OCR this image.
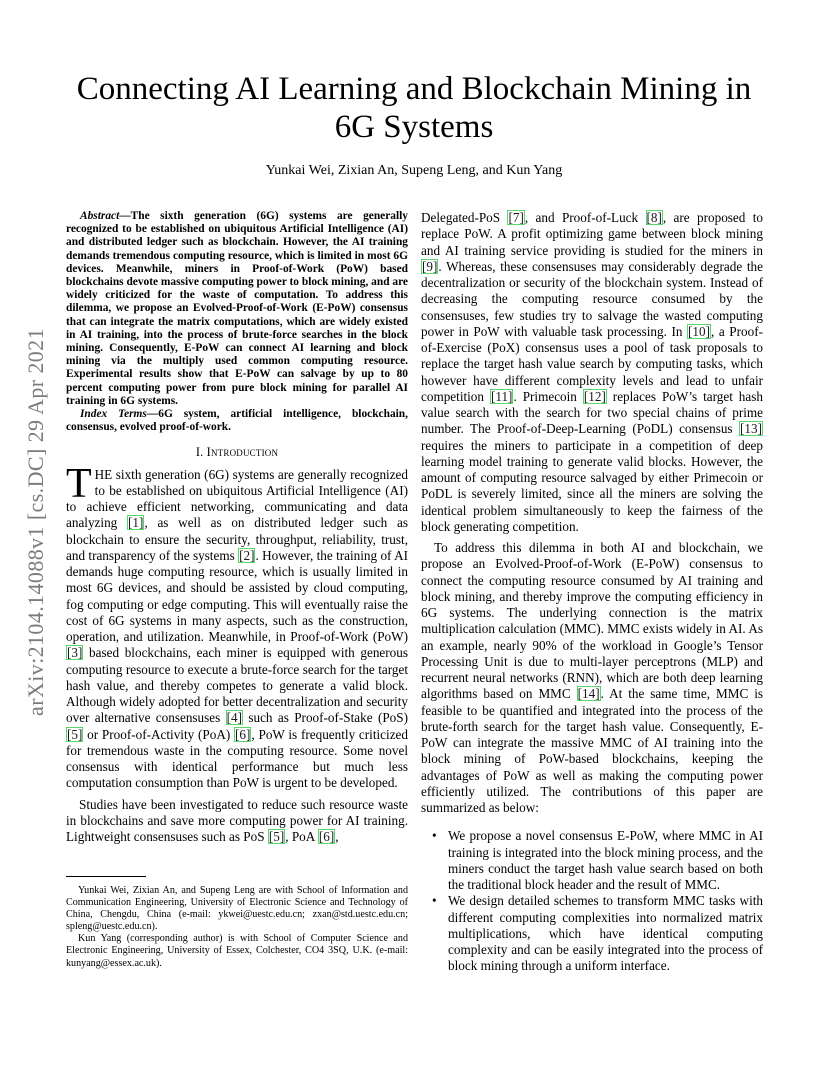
arXiv:2104.14088v1 [cs.DC] 29 Apr 2021
Connecting AI Learning and Blockchain Mining in 6G Systems
Yunkai Wei, Zixian An, Supeng Leng, and Kun Yang

Abstract—The sixth generation (6G) systems are generally recognized to be established on ubiquitous Artificial Intelligence (AI) and distributed ledger such as blockchain. However, the AI training demands tremendous computing resource, which is limited in most 6G devices. Meanwhile, miners in Proof-of-Work (PoW) based blockchains devote massive computing power to block mining, and are widely criticized for the waste of computation. To address this dilemma, we propose an Evolved-Proof-of-Work (E-PoW) consensus that can integrate the matrix computations, which are widely existed in AI training, into the process of brute-force searches in the block mining. Consequently, E-PoW can connect AI learning and block mining via the multiply used common computing resource. Experimental results show that E-PoW can salvage by up to 80 percent computing power from pure block mining for parallel AI training in 6G systems.

Index Terms—6G system, artificial intelligence, blockchain, consensus, evolved proof-of-work.

I. Introduction

THE sixth generation (6G) systems are generally recognized to be established on ubiquitous Artificial Intelligence (AI) to achieve efficient networking, communicating and data analyzing [1], as well as on distributed ledger such as blockchain to ensure the security, throughput, reliability, trust, and transparency of the systems [2]. However, the training of AI demands huge computing resource, which is usually limited in most 6G devices, and should be assisted by cloud computing, fog computing or edge computing. This will eventually raise the cost of 6G systems in many aspects, such as the construction, operation, and utilization. Meanwhile, in Proof-of-Work (PoW) [3] based blockchains, each miner is equipped with generous computing resource to execute a brute-force search for the target hash value, and thereby competes to generate a valid block. Although widely adopted for better decentralization and security over alternative consensuses [4] such as Proof-of-Stake (PoS) [5] or Proof-of-Activity (PoA) [6], PoW is frequently criticized for tremendous waste in the computing resource. Some novel consensus with identical performance but much less computation consumption than PoW is urgent to be developed.

Studies have been investigated to reduce such resource waste in blockchains and save more computing power for AI training. Lightweight consensuses such as PoS [5], PoA [6],

Yunkai Wei, Zixian An, and Supeng Leng are with School of Information and Communication Engineering, University of Electronic Science and Technology of China, Chengdu, China (e-mail: ykwei@uestc.edu.cn; zxan@std.uestc.edu.cn; spleng@uestc.edu.cn).

Kun Yang (corresponding author) is with School of Computer Science and Electronic Engineering, University of Essex, Colchester, CO4 3SQ, U.K. (e-mail: kunyang@essex.ac.uk).

Delegated-PoS [7], and Proof-of-Luck [8], are proposed to replace PoW. A profit optimizing game between block mining and AI training service providing is studied for the miners in [9]. Whereas, these consensuses may considerably degrade the decentralization or security of the blockchain system. Instead of decreasing the computing resource consumed by the consensuses, few studies try to salvage the wasted computing power in PoW with valuable task processing. In [10], a Proof-of-Exercise (PoX) consensus uses a pool of task proposals to replace the target hash value search by computing tasks, which however have different complexity levels and lead to unfair competition [11]. Primecoin [12] replaces PoW’s target hash value search with the search for two special chains of prime number. The Proof-of-Deep-Learning (PoDL) consensus [13] requires the miners to participate in a competition of deep learning model training to generate valid blocks. However, the amount of computing resource salvaged by either Primecoin or PoDL is severely limited, since all the miners are solving the identical problem simultaneously to keep the fairness of the block generating competition.

To address this dilemma in both AI and blockchain, we propose an Evolved-Proof-of-Work (E-PoW) consensus to connect the computing resource consumed by AI training and block mining, and thereby improve the computing efficiency in 6G systems. The underlying connection is the matrix multiplication calculation (MMC). MMC exists widely in AI. As an example, nearly 90% of the workload in Google’s Tensor Processing Unit is due to multi-layer perceptrons (MLP) and recurrent neural networks (RNN), which are both deep learning algorithms based on MMC [14]. At the same time, MMC is feasible to be quantified and integrated into the process of the brute-forth search for the target hash value. Consequently, E-PoW can integrate the massive MMC of AI training into the block mining of PoW-based blockchains, keeping the advantages of PoW as well as making the computing power efficiently utilized. The contributions of this paper are summarized as below:

• We propose a novel consensus E-PoW, where MMC in AI training is integrated into the block mining process, and the miners conduct the target hash value search based on both the traditional block header and the result of MMC.
• We design detailed schemes to transform MMC tasks with different computing complexities into normalized matrix multiplications, which have identical computing complexity and can be easily integrated into the process of block mining through a uniform interface.
